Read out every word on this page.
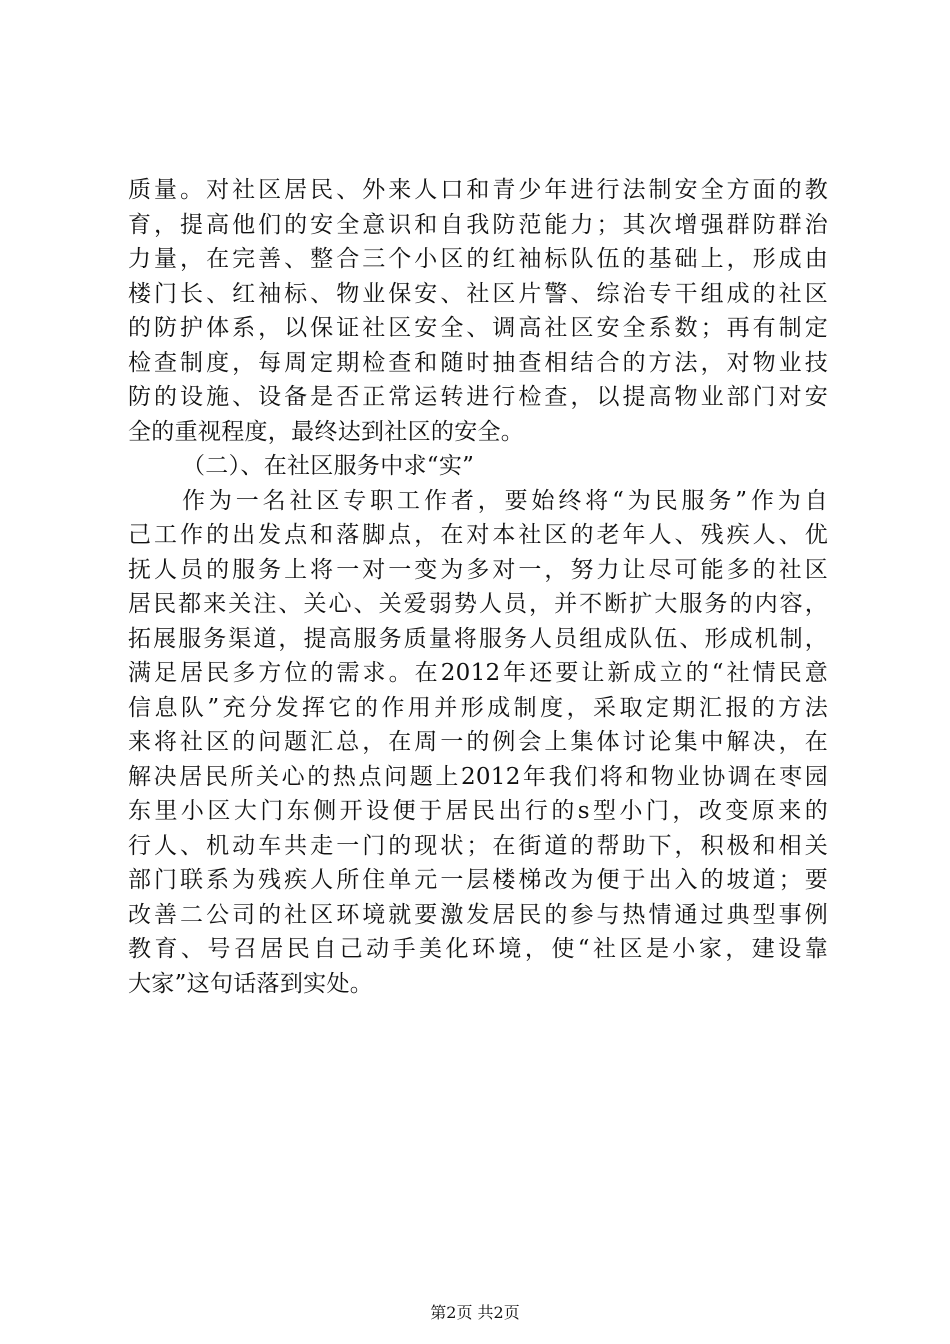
质量。对社区居民、外来人口和青少年进行法制安全方面的教
育，提高他们的安全意识和自我防范能力；其次增强群防群治
力量，在完善、整合三个小区的红袖标队伍的基础上，形成由
楼门长、红袖标、物业保安、社区片警、综治专干组成的社区
的防护体系，以保证社区安全、调高社区安全系数；再有制定
检查制度，每周定期检查和随时抽查相结合的方法，对物业技
防的设施、设备是否正常运转进行检查，以提高物业部门对安
全的重视程度，最终达到社区的安全。
（二）、在社区服务中求“实”
作为一名社区专职工作者，要始终将“为民服务”作为自
己工作的出发点和落脚点，在对本社区的老年人、残疾人、优
抚人员的服务上将一对一变为多对一，努力让尽可能多的社区
居民都来关注、关心、关爱弱势人员，并不断扩大服务的内容，
拓展服务渠道，提高服务质量将服务人员组成队伍、形成机制，
满足居民多方位的需求。在2012年还要让新成立的“社情民意
信息队”充分发挥它的作用并形成制度，采取定期汇报的方法
来将社区的问题汇总，在周一的例会上集体讨论集中解决，在
解决居民所关心的热点问题上2012年我们将和物业协调在枣园
东里小区大门东侧开设便于居民出行的s型小门，改变原来的
行人、机动车共走一门的现状；在街道的帮助下，积极和相关
部门联系为残疾人所住单元一层楼梯改为便于出入的坡道；要
改善二公司的社区环境就要激发居民的参与热情通过典型事例
教育、号召居民自己动手美化环境，使“社区是小家，建设靠
大家”这句话落到实处。
第2页 共2页
